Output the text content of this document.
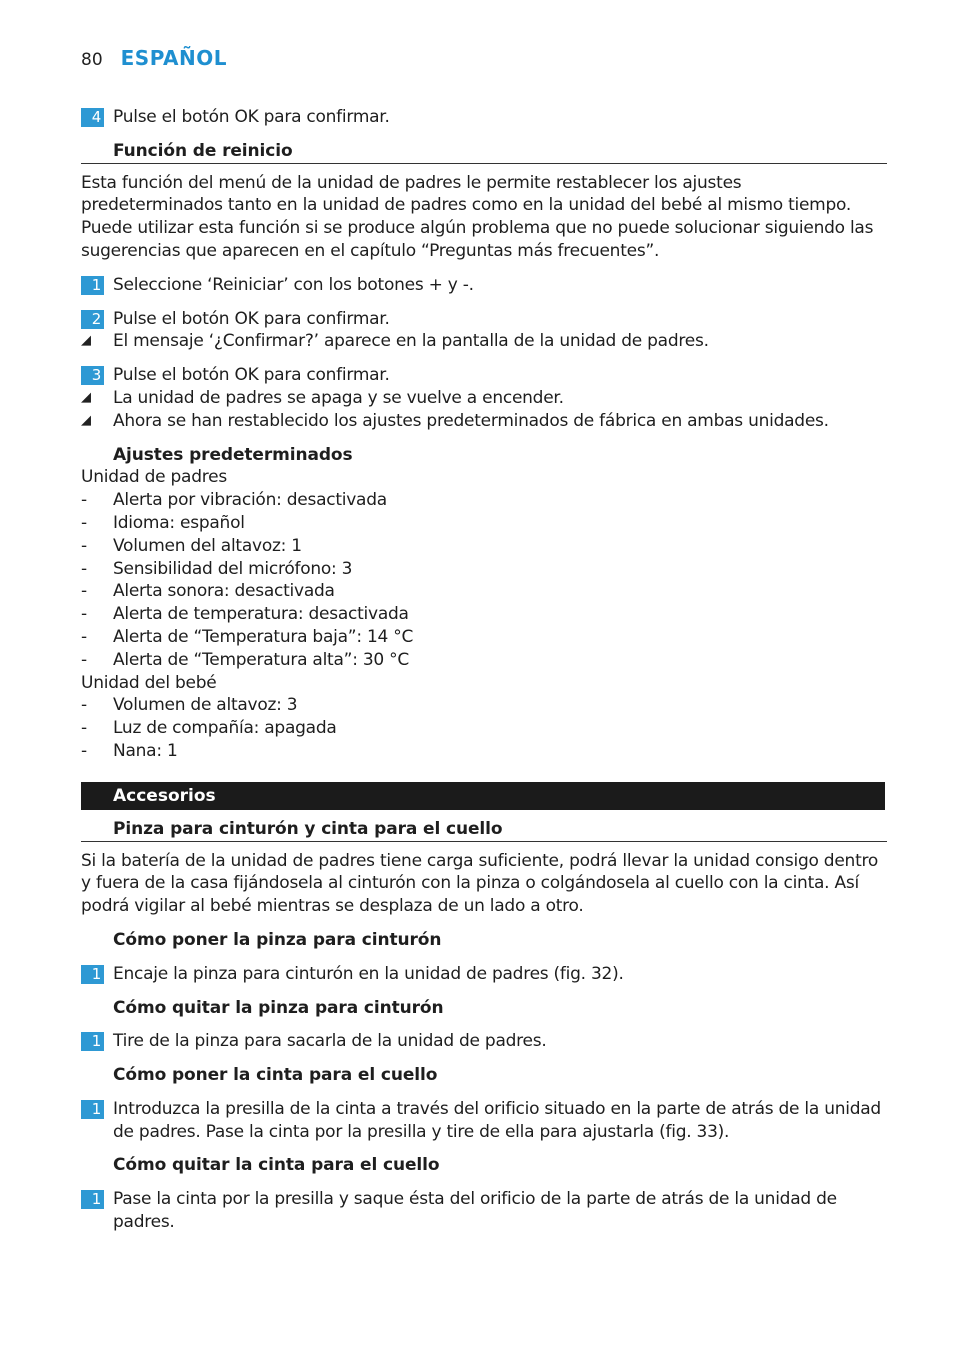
80 ESPAÑOL
4 Pulse el botón OK para confirmar.
Función de reinicio
Esta función del menú de la unidad de padres le permite restablecer los ajustes predeterminados tanto en la unidad de padres como en la unidad del bebé al mismo tiempo. Puede utilizar esta función si se produce algún problema que no puede solucionar siguiendo las sugerencias que aparecen en el capítulo “Preguntas más frecuentes”.
1 Seleccione ‘Reiniciar’ con los botones + y -.
2 Pulse el botón OK para confirmar.
◢	El mensaje ‘¿Confirmar?’ aparece en la pantalla de la unidad de padres.
3 Pulse el botón OK para confirmar.
◢	La unidad de padres se apaga y se vuelve a encender.
◢	Ahora se han restablecido los ajustes predeterminados de fábrica en ambas unidades.
Ajustes predeterminados
Unidad de padres
-	Alerta por vibración: desactivada
-	Idioma: español
-	Volumen del altavoz: 1
-	Sensibilidad del micrófono: 3
-	Alerta sonora: desactivada
-	Alerta de temperatura: desactivada
-	Alerta de “Temperatura baja”: 14 °C
-	Alerta de “Temperatura alta”: 30 °C
Unidad del bebé
-	Volumen de altavoz: 3
-	Luz de compañía: apagada
-	Nana: 1
Accesorios
Pinza para cinturón y cinta para el cuello
Si la batería de la unidad de padres tiene carga suficiente, podrá llevar la unidad consigo dentro y fuera de la casa fijándosela al cinturón con la pinza o colgándosela al cuello con la cinta. Así podrá vigilar al bebé mientras se desplaza de un lado a otro.
Cómo poner la pinza para cinturón
1 Encaje la pinza para cinturón en la unidad de padres (fig. 32).
Cómo quitar la pinza para cinturón
1 Tire de la pinza para sacarla de la unidad de padres.
Cómo poner la cinta para el cuello
1 Introduzca la presilla de la cinta a través del orificio situado en la parte de atrás de la unidad de padres. Pase la cinta por la presilla y tire de ella para ajustarla (fig. 33).
Cómo quitar la cinta para el cuello
1 Pase la cinta por la presilla y saque ésta del orificio de la parte de atrás de la unidad de padres.
